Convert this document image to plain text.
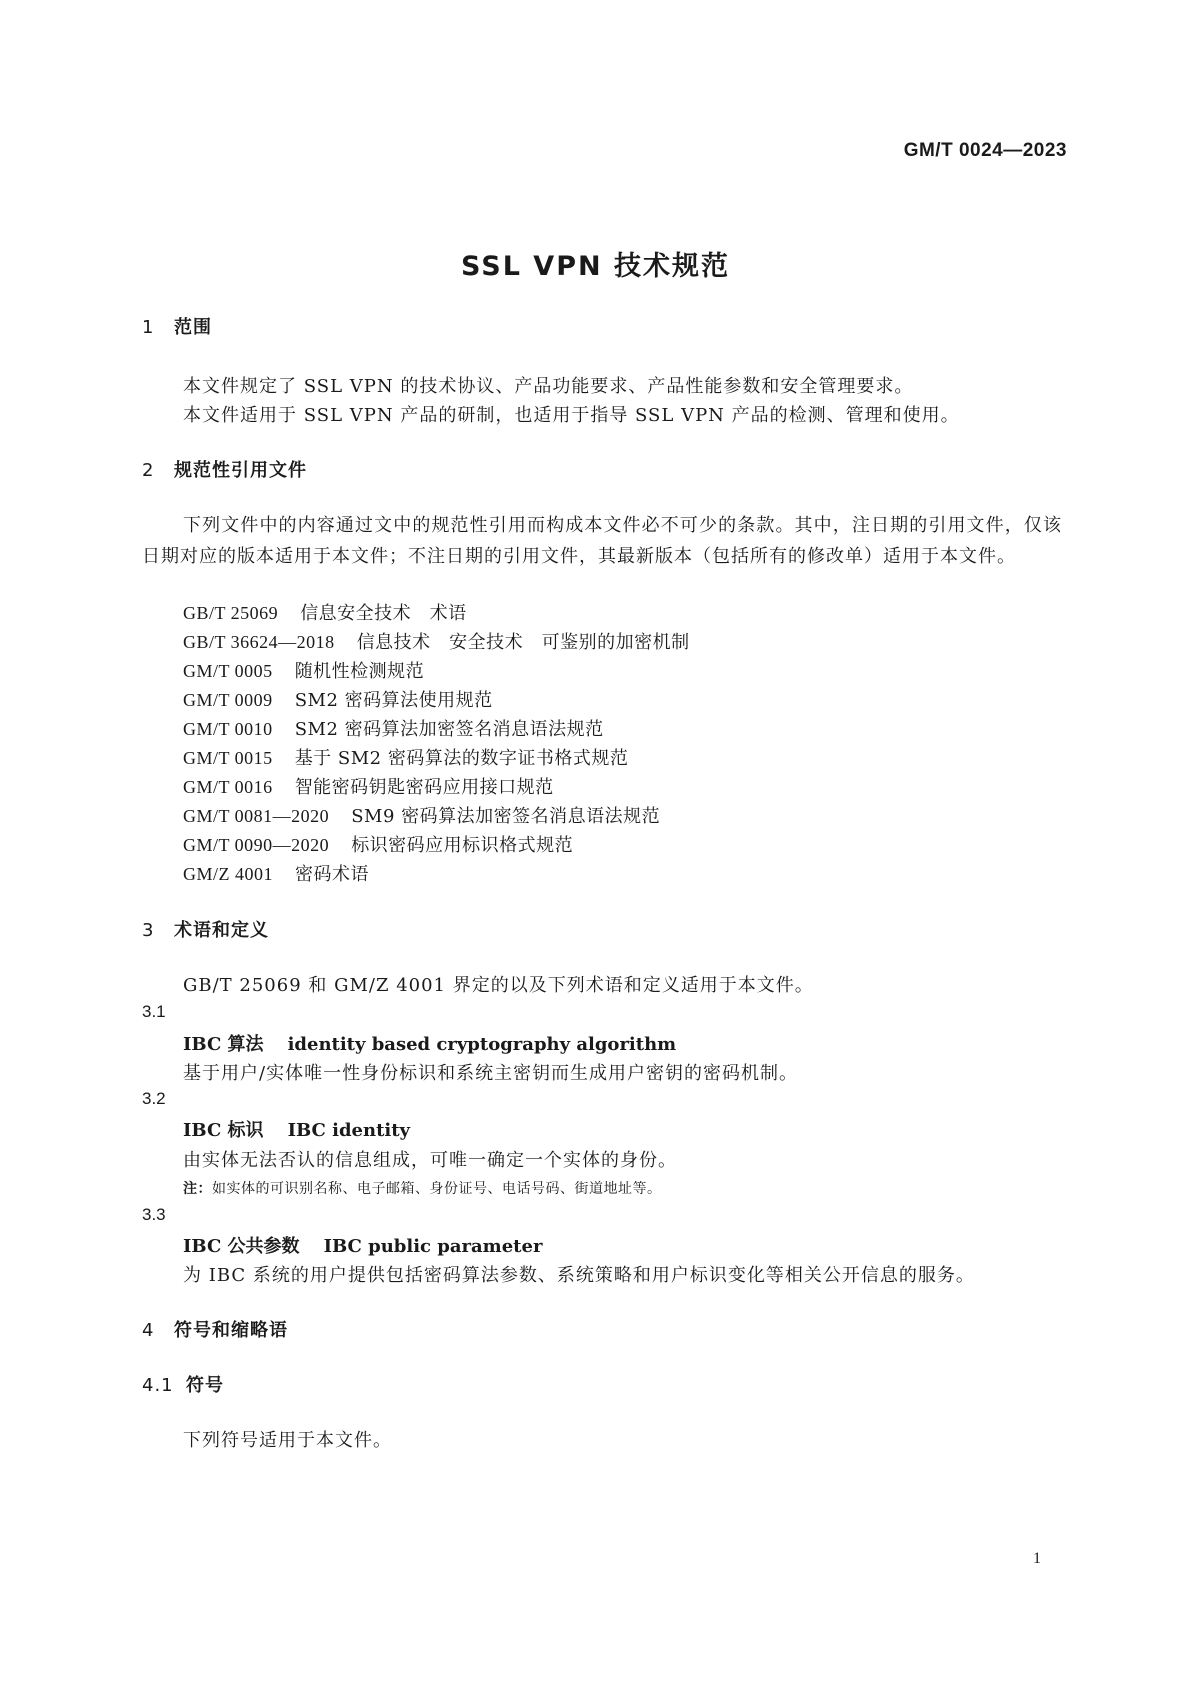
GM/T 0024—2023
SSL VPN 技术规范
1 范围
本文件规定了 SSL VPN 的技术协议、产品功能要求、产品性能参数和安全管理要求。
本文件适用于 SSL VPN 产品的研制，也适用于指导 SSL VPN 产品的检测、管理和使用。
2 规范性引用文件
下列文件中的内容通过文中的规范性引用而构成本文件必不可少的条款。其中，注日期的引用文件，仅该日期对应的版本适用于本文件；不注日期的引用文件，其最新版本（包括所有的修改单）适用于本文件。
GB/T 25069 信息安全技术　术语
GB/T 36624—2018 信息技术　安全技术　可鉴别的加密机制
GM/T 0005 随机性检测规范
GM/T 0009 SM2 密码算法使用规范
GM/T 0010 SM2 密码算法加密签名消息语法规范
GM/T 0015 基于 SM2 密码算法的数字证书格式规范
GM/T 0016 智能密码钥匙密码应用接口规范
GM/T 0081—2020 SM9 密码算法加密签名消息语法规范
GM/T 0090—2020 标识密码应用标识格式规范
GM/Z 4001 密码术语
3 术语和定义
GB/T 25069 和 GM/Z 4001 界定的以及下列术语和定义适用于本文件。
3.1
IBC 算法 identity based cryptography algorithm
基于用户/实体唯一性身份标识和系统主密钥而生成用户密钥的密码机制。
3.2
IBC 标识 IBC identity
由实体无法否认的信息组成，可唯一确定一个实体的身份。
注：如实体的可识别名称、电子邮箱、身份证号、电话号码、街道地址等。
3.3
IBC 公共参数 IBC public parameter
为 IBC 系统的用户提供包括密码算法参数、系统策略和用户标识变化等相关公开信息的服务。
4 符号和缩略语
4.1 符号
下列符号适用于本文件。
1
